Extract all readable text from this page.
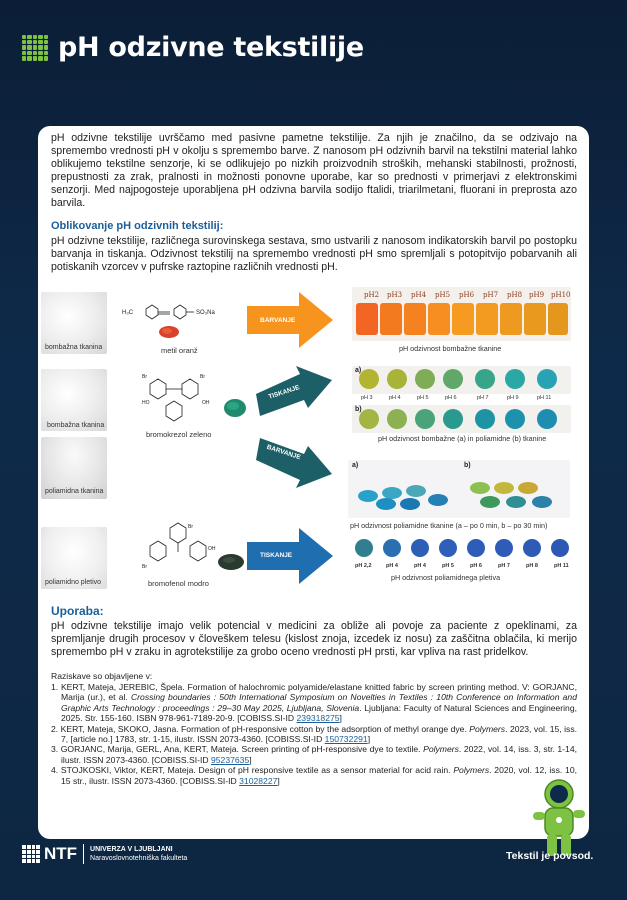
pH odzivne tekstilije

pH odzivne tekstilije uvrščamo med pasivne pametne tekstilije. Za njih je značilno, da se odzivajo na spremembo vrednosti pH v okolju s spremembo barve. Z nanosom pH odzivnih barvil na tekstilni material lahko oblikujemo tekstilne senzorje, ki se odlikujejo po nizkih proizvodnih stroških, mehanski stabilnosti, prožnosti, prepustnosti za zrak, pralnosti in možnosti ponovne uporabe, kar so prednosti v primerjavi z elektronskimi senzorji. Med najpogosteje uporabljena pH odzivna barvila sodijo ftalidi, triarilmetani, fluorani in preprosta azo barvila.

Oblikovanje pH odzivnih tekstilij:

pH odzivne tekstilije, različnega surovinskega sestava, smo ustvarili z nanosom indikatorskih barvil po postopku barvanja in tiskanja. Odzivnost tekstilij na spremembo vrednosti pH smo spremljali s potopitvijo pobarvanih ali potiskanih vzorcev v pufrske raztopine različnih vrednosti pH.

bombažna tkanina
H₃C	SO₃Na
metil oranž
BARVANJE
pH2 pH3 pH4 pH5 pH6 pH7 pH8 pH9 pH10
pH odzivnost bombažne tkanine
bombažna tkanina
poliamidna tkanina
Br	Br
HO	OH
bromokrezol zeleno
TISKANJE
BARVANJE
a)
pH 3	pH 4	pH 5	pH 6	pH 7	pH 9	pH 11
b)
pH odzivnost bombažne (a) in poliamidne (b) tkanine
a)	b)
pH odzivnost poliamidne tkanine (a – po 0 min, b – po 30 min)
poliamidno pletivo
Br
Br
OH
bromofenol modro
TISKANJE
pH 2,2	pH 4	pH 4	pH 5	pH 6	pH 7	pH 8	pH 11
pH odzivnost poliamidnega pletiva
Uporaba:

pH odzivne tekstilije imajo velik potencial v medicini za obliže ali povoje za paciente z opeklinami, za spremljanje drugih procesov v človeškem telesu (kislost znoja, izcedek iz nosu) za zaščitna oblačila, ki merijo spremembo pH v zraku in agrotekstilije za grobo oceno vrednosti pH prsti, kar vpliva na rast pridelkov.

Raziskave so objavljene v:
1. KERT, Mateja, JEREBIC, Špela. Formation of halochromic polyamide/elastane knitted fabric by screen printing method. V: GORJANC, Marija (ur.), et al. Crossing boundaries : 50th International Symposium on Novelties in Textiles : 10th Conference on Information and Graphic Arts Technology : proceedings : 29–30 May 2025, Ljubljana, Slovenia. Ljubljana: Faculty of Natural Sciences and Engineering, 2025. Str. 155-160. ISBN 978-961-7189-20-9. [COBISS.SI-ID 239318275]
2. KERT, Mateja, SKOKO, Jasna. Formation of pH-responsive cotton by the adsorption of methyl orange dye. Polymers. 2023, vol. 15, iss. 7, [article no.] 1783, str. 1-15, ilustr. ISSN 2073-4360. [COBISS.SI-ID 150732291]
3. GORJANC, Marija, GERL, Ana, KERT, Mateja. Screen printing of pH-responsive dye to textile. Polymers. 2022, vol. 14, iss. 3, str. 1-14, ilustr. ISSN 2073-4360. [COBISS.SI-ID 95237635]
4. STOJKOSKI, Viktor, KERT, Mateja. Design of pH responsive textile as a sensor material for acid rain. Polymers. 2020, vol. 12, iss. 10, 15 str., ilustr. ISSN 2073-4360. [COBISS.SI-ID 31028227]
NTF	UNIVERZA V LJUBLJANI
Naravoslovnotehniška fakulteta	Tekstil je povsod.
